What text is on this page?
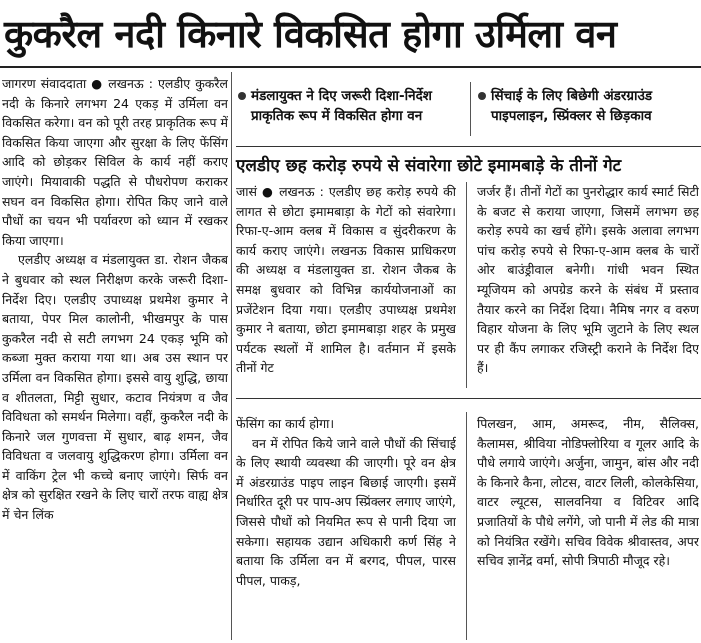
कुकरैल नदी किनारे विकसित होगा उर्मिला वन

जागरण संवाददाता ● लखनऊ : एलडीए कुकरैल नदी के किनारे लगभग 24 एकड़ में उर्मिला वन विकसित करेगा। वन को पूरी तरह प्राकृतिक रूप में विकसित किया जाएगा और सुरक्षा के लिए फेंसिंग आदि को छोड़कर सिविल के कार्य नहीं कराए जाएंगे। मियावाकी पद्धति से पौधरोपण कराकर सघन वन विकसित होगा। रोपित किए जाने वाले पौधों का चयन भी पर्यावरण को ध्यान में रखकर किया जाएगा।

एलडीए अध्यक्ष व मंडलायुक्त डा. रोशन जैकब ने बुधवार को स्थल निरीक्षण करके जरूरी दिशा-निर्देश दिए। एलडीए उपाध्यक्ष प्रथमेश कुमार ने बताया, पेपर मिल कालोनी, भीखमपुर के पास कुकरैल नदी से सटी लगभग 24 एकड़ भूमि को कब्जा मुक्त कराया गया था। अब उस स्थान पर उर्मिला वन विकसित होगा। इससे वायु शुद्धि, छाया व शीतलता, मिट्टी सुधार, कटाव नियंत्रण व जैव विविधता को समर्थन मिलेगा। वहीं, कुकरैल नदी के किनारे जल गुणवत्ता में सुधार, बाढ़ शमन, जैव विविधता व जलवायु शुद्धिकरण होगा। उर्मिला वन में वाकिंग ट्रेल भी कच्चे बनाए जाएंगे। सिर्फ वन क्षेत्र को सुरक्षित रखने के लिए चारों तरफ वाह्य क्षेत्र में चेन लिंक

मंडलायुक्त ने दिए जरूरी दिशा-निर्देश
प्राकृतिक रूप में विकसित होगा वन
सिंचाई के लिए बिछेगी अंडरग्राउंड
पाइपलाइन, स्प्रिंक्लर से छिड़काव
एलडीए छह करोड़ रुपये से संवारेगा छोटे इमामबाड़े के तीनों गेट

जासं ● लखनऊ : एलडीए छह करोड़ रुपये की लागत से छोटा इमामबाड़ा के गेटों को संवारेगा। रिफा-ए-आम क्लब में विकास व सुंदरीकरण के कार्य कराए जाएंगे। लखनऊ विकास प्राधिकरण की अध्यक्ष व मंडलायुक्त डा. रोशन जैकब के समक्ष बुधवार को विभिन्न कार्ययोजनाओं का प्रजेंटेशन दिया गया। एलडीए उपाध्यक्ष प्रथमेश कुमार ने बताया, छोटा इमामबाड़ा शहर के प्रमुख पर्यटक स्थलों में शामिल है। वर्तमान में इसके तीनों गेट

जर्जर हैं। तीनों गेटों का पुनरोद्धार कार्य स्मार्ट सिटी के बजट से कराया जाएगा, जिसमें लगभग छह करोड़ रुपये का खर्च होंगे। इसके अलावा लगभग पांच करोड़ रुपये से रिफा-ए-आम क्लब के चारों ओर बाउंड्रीवाल बनेगी। गांधी भवन स्थित म्यूजियम को अपग्रेड करने के संबंध में प्रस्ताव तैयार करने का निर्देश दिया। नैमिष नगर व वरुण विहार योजना के लिए भूमि जुटाने के लिए स्थल पर ही कैंप लगाकर रजिस्ट्री कराने के निर्देश दिए हैं।

फेंसिंग का कार्य होगा।

वन में रोपित किये जाने वाले पौधों की सिंचाई के लिए स्थायी व्यवस्था की जाएगी। पूरे वन क्षेत्र में अंडरग्राउंड पाइप लाइन बिछाई जाएगी। इसमें निर्धारित दूरी पर पाप-अप स्प्रिंक्लर लगाए जाएंगे, जिससे पौधों को नियमित रूप से पानी दिया जा सकेगा। सहायक उद्यान अधिकारी कर्ण सिंह ने बताया कि उर्मिला वन में बरगद, पीपल, पारस पीपल, पाकड़,

पिलखन, आम, अमरूद, नीम, सैलिक्स, कैलामस, श्रीविया नोडिफ्लोरिया व गूलर आदि के पौधे लगाये जाएंगे। अर्जुना, जामुन, बांस और नदी के किनारे कैना, लोटस, वाटर लिली, कोलकेसिया, वाटर ल्यूटस, सालवनिया व विटिवर आदि प्रजातियों के पौधे लगेंगे, जो पानी में लेड की मात्रा को नियंत्रित रखेंगे। सचिव विवेक श्रीवास्तव, अपर सचिव ज्ञानेंद्र वर्मा, सोपी त्रिपाठी मौजूद रहे।
